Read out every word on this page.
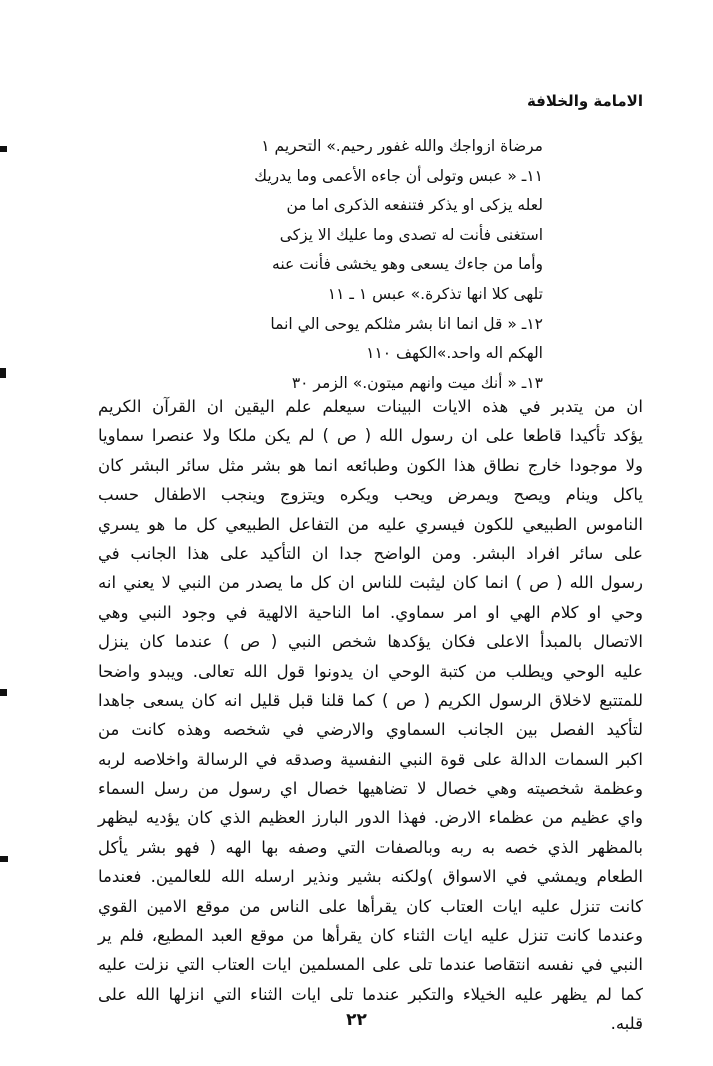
الامامة والخلافة
مرضاة ازواجك والله غفور رحيم.» التحريم ١
١١ـ « عبس وتولى أن جاءه الأعمى وما يدريك
لعله يزكى او يذكر فتنفعه الذكرى اما من
استغنى فأنت له تصدى وما عليك الا يزكى
وأما من جاءك يسعى وهو يخشى فأنت عنه
تلهى كلا انها تذكرة.» عبس ١ ـ ١١
١٢ـ « قل انما انا بشر مثلكم يوحى الي انما
الهكم اله واحد.»الكهف ١١٠
١٣ـ « أنك ميت وانهم ميتون.» الزمر ٣٠
ان من يتدبر في هذه الايات البينات سيعلم علم اليقين ان القرآن الكريم
يؤكد تأكيدا قاطعا على ان رسول الله ( ص ) لم يكن ملكا ولا عنصرا سماويا
ولا موجودا خارج نطاق هذا الكون وطبائعه انما هو بشر مثل سائر البشر كان
ياكل وينام ويصح ويمرض ويحب ويكره ويتزوج وينجب الاطفال حسب
الناموس الطبيعي للكون فيسري عليه من التفاعل الطبيعي كل ما هو يسري
على سائر افراد البشر. ومن الواضح جدا ان التأكيد على هذا الجانب في
رسول الله ( ص ) انما كان ليثبت للناس ان كل ما يصدر من النبي لا يعني انه
وحي او كلام الهي او امر سماوي. اما الناحية الالهية في وجود النبي وهي
الاتصال بالمبدأ الاعلى فكان يؤكدها شخص النبي ( ص ) عندما كان ينزل
عليه الوحي ويطلب من كتبة الوحي ان يدونوا قول الله تعالى. ويبدو واضحا
للمتتبع لاخلاق الرسول الكريم ( ص ) كما قلنا قبل قليل انه كان يسعى جاهدا
لتأكيد الفصل بين الجانب السماوي والارضي في شخصه وهذه كانت من
اكبر السمات الدالة على قوة النبي النفسية وصدقه في الرسالة واخلاصه لربه
وعظمة شخصيته وهي خصال لا تضاهيها خصال اي رسول من رسل السماء
واي عظيم من عظماء الارض. فهذا الدور البارز العظيم الذي كان يؤديه ليظهر
بالمظهر الذي خصه به ربه وبالصفات التي وصفه بها الهه ( فهو بشر يأكل
الطعام ويمشي في الاسواق )ولكنه بشير ونذير ارسله الله للعالمين. فعندما
كانت تنزل عليه ايات العتاب كان يقرأها على الناس من موقع الامين القوي
وعندما كانت تنزل عليه ايات الثناء كان يقرأها من موقع العبد المطيع، فلم ير
النبي في نفسه انتقاصا عندما تلى على المسلمين ايات العتاب التي نزلت عليه
كما لم يظهر عليه الخيلاء والتكبر عندما تلى ايات الثناء التي انزلها الله على
قلبه.
٢٢
